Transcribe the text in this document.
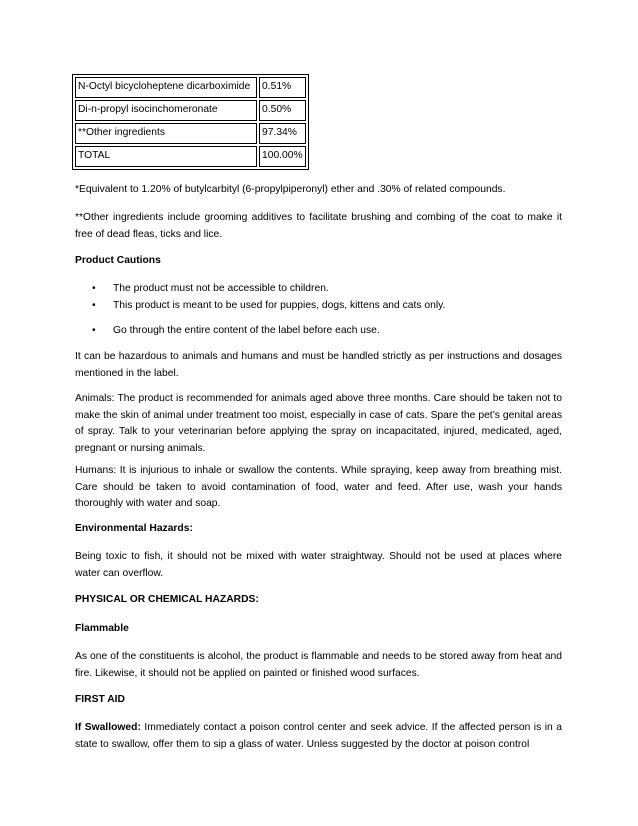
N-Octyl bicycloheptene dicarboximide	0.51%
Di-n-propyl isocinchomeronate	0.50%
**Other ingredients	97.34%
TOTAL	100.00%
*Equivalent to 1.20% of butylcarbityl (6-propylpiperonyl) ether and .30% of related compounds.
**Other ingredients include grooming additives to facilitate brushing and combing of the coat to make it free of dead fleas, ticks and lice.
Product Cautions
• The product must not be accessible to children.
• This product is meant to be used for puppies, dogs, kittens and cats only.
• Go through the entire content of the label before each use.
It can be hazardous to animals and humans and must be handled strictly as per instructions and dosages mentioned in the label.
Animals: The product is recommended for animals aged above three months. Care should be taken not to make the skin of animal under treatment too moist, especially in case of cats. Spare the pet’s genital areas of spray. Talk to your veterinarian before applying the spray on incapacitated, injured, medicated, aged, pregnant or nursing animals.
Humans: It is injurious to inhale or swallow the contents. While spraying, keep away from breathing mist. Care should be taken to avoid contamination of food, water and feed. After use, wash your hands thoroughly with water and soap.
Environmental Hazards:
Being toxic to fish, it should not be mixed with water straightway. Should not be used at places where water can overflow.
PHYSICAL OR CHEMICAL HAZARDS:
Flammable
As one of the constituents is alcohol, the product is flammable and needs to be stored away from heat and fire. Likewise, it should not be applied on painted or finished wood surfaces.
FIRST AID
If Swallowed: Immediately contact a poison control center and seek advice. If the affected person is in a state to swallow, offer them to sip a glass of water. Unless suggested by the doctor at poison control
